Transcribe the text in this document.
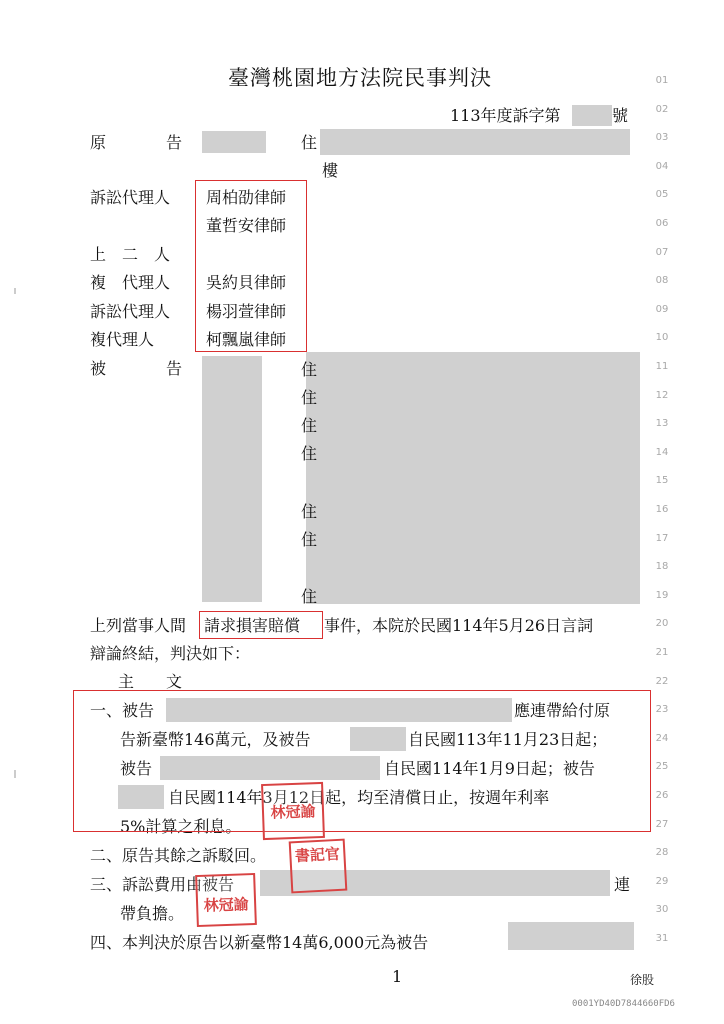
臺灣桃園地方法院民事判決
113年度訴字第	號
原　　　告	住
樓
訴訟代理人 周柏劭律師
董哲安律師
上　二　人
複　代理人 吳約貝律師
訴訟代理人 楊羽萱律師
複代理人	柯飄嵐律師
被　　　告	住
住
住
住
住
住
住
上列當事人間 請求損害賠償 事件，本院於民國114年5月26日言詞
辯論終結，判決如下：
主　　文
一、被告	應連帶給付原
告新臺幣146萬元，及被告	自民國113年11月23日起；
被告	自民國114年1月9日起；被告
自民國114年3月12日起，均至清償日止，按週年利率
5%計算之利息。
二、原告其餘之訴駁回。
三、訴訟費用由被告	連
帶負擔。
四、本判決於原告以新臺幣14萬6,000元為被告
林冠諭
書記官
林冠諭
01
02
03
04
05
06
07
08
09
10
11
12
13
14
15
16
17
18
19
20
21
22
23
24
25
26
27
28
29
30
31
1	徐股
0001YD40D7844660FD6
